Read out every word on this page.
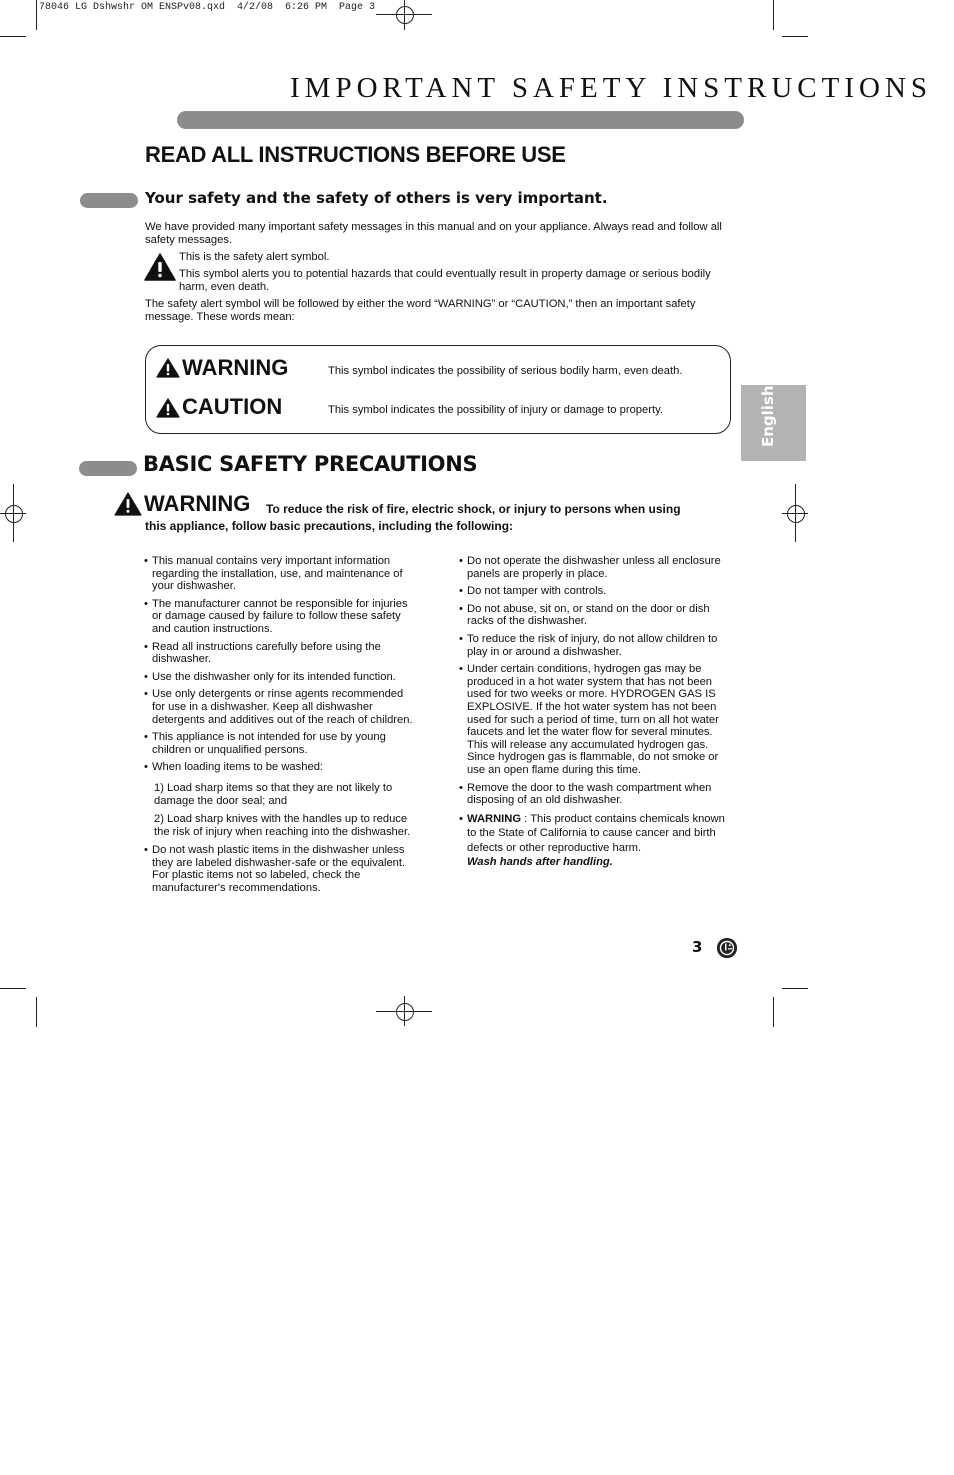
78046 LG Dshwshr OM ENSPv08.qxd  4/2/08  6:26 PM  Page 3
IMPORTANT SAFETY INSTRUCTIONS
READ ALL INSTRUCTIONS BEFORE USE
Your safety and the safety of others is very important.
We have provided many important safety messages in this manual and on your appliance. Always read and follow all safety messages.
This is the safety alert symbol.
This symbol alerts you to potential hazards that could eventually result in property damage or serious bodily harm, even death.
The safety alert symbol will be followed by either the word “WARNING” or “CAUTION,” then an important safety message. These words mean:
WARNING	This symbol indicates the possibility of serious bodily harm, even death.
CAUTION	This symbol indicates the possibility of injury or damage to property.	English
BASIC SAFETY PRECAUTIONS
WARNING To reduce the risk of fire, electric shock, or injury to persons when using
this appliance, follow basic precautions, including the following:
• This manual contains very important information regarding the installation, use, and maintenance of your dishwasher.
• The manufacturer cannot be responsible for injuries or damage caused by failure to follow these safety and caution instructions.
• Read all instructions carefully before using the dishwasher.
• Use the dishwasher only for its intended function.
• Use only detergents or rinse agents recommended for use in a dishwasher. Keep all dishwasher detergents and additives out of the reach of children.
• This appliance is not intended for use by young children or unqualified persons.
• When loading items to be washed:
1) Load sharp items so that they are not likely to damage the door seal; and
2) Load sharp knives with the handles up to reduce the risk of injury when reaching into the dishwasher.
• Do not wash plastic items in the dishwasher unless they are labeled dishwasher-safe or the equivalent. For plastic items not so labeled, check the manufacturer's recommendations.
• Do not operate the dishwasher unless all enclosure panels are properly in place.
• Do not tamper with controls.
• Do not abuse, sit on, or stand on the door or dish racks of the dishwasher.
• To reduce the risk of injury, do not allow children to play in or around a dishwasher.
• Under certain conditions, hydrogen gas may be produced in a hot water system that has not been used for two weeks or more. HYDROGEN GAS IS EXPLOSIVE. If the hot water system has not been used for such a period of time, turn on all hot water faucets and let the water flow for several minutes. This will release any accumulated hydrogen gas. Since hydrogen gas is flammable, do not smoke or use an open flame during this time.
• Remove the door to the wash compartment when disposing of an old dishwasher.
• WARNING : This product contains chemicals known to the State of California to cause cancer and birth defects or other reproductive harm.
Wash hands after handling.
3
